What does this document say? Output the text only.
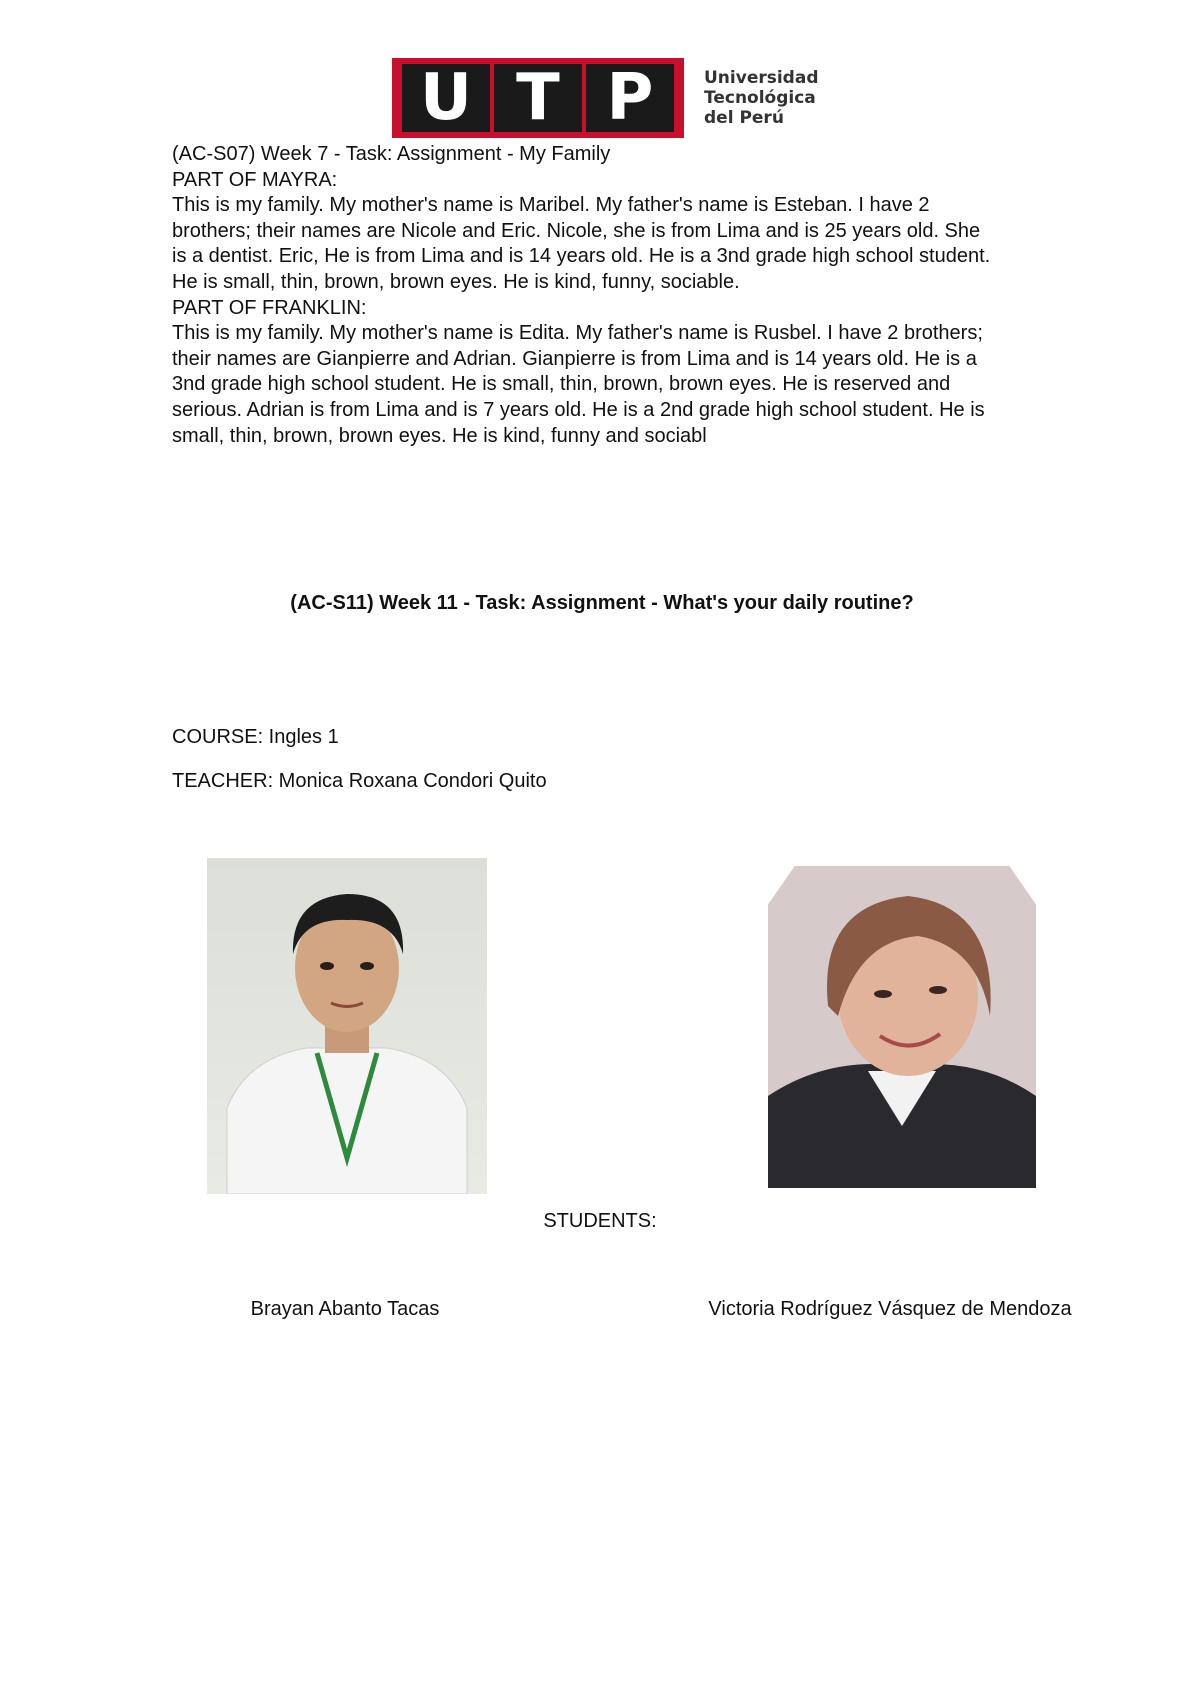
U T P	Universidad
Tecnológica
del Perú

(AC-S07) Week 7 - Task: Assignment - My Family

PART OF MAYRA:

This is my family. My mother's name is Maribel. My father's name is Esteban. I have 2 brothers; their names are Nicole and Eric. Nicole, she is from Lima and is 25 years old. She is a dentist. Eric, He is from Lima and is 14 years old. He is a 3nd grade high school student. He is small, thin, brown, brown eyes. He is kind, funny, sociable.

PART OF FRANKLIN:

This is my family. My mother's name is Edita. My father's name is Rusbel. I have 2 brothers; their names are Gianpierre and Adrian. Gianpierre is from Lima and is 14 years old. He is a 3nd grade high school student. He is small, thin, brown, brown eyes. He is reserved and serious. Adrian is from Lima and is 7 years old. He is a 2nd grade high school student. He is small, thin, brown, brown eyes. He is kind, funny and sociabl

(AC-S11) Week 11 - Task: Assignment - What's your daily routine?
COURSE: Ingles 1
TEACHER: Monica Roxana Condori Quito
STUDENTS:
Brayan Abanto Tacas	Victoria Rodríguez Vásquez de Mendoza
